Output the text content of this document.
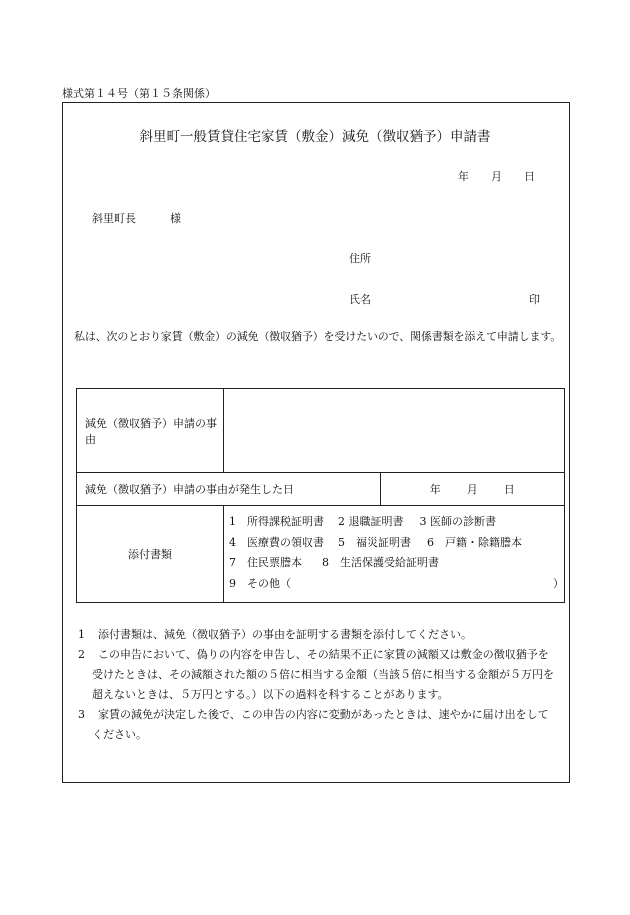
様式第１４号（第１５条関係）
斜里町一般賃貸住宅家賃（敷金）減免（徴収猶予）申請書
年 月 日
斜里町長	様
住所
氏名	印
私は、次のとおり家賃（敷金）の減免（徴収猶予）を受けたいので、関係書類を添えて申請します。
減免（徴収猶予）申請の事由		
減免（徴収猶予）申請の事由が発生した日		年 月 日
添付書類	1　所得課税証明書 2 退職証明書 3 医師の診断書
4　医療費の領収書 5　福災証明書 6　戸籍・除籍謄本
7　住民票謄本 8　生活保護受給証明書
9　その他（ ）	
1	添付書類は、減免（徴収猶予）の事由を証明する書類を添付してください。
2	この申告において、偽りの内容を申告し、その結果不正に家賃の減額又は敷金の徴収猶予を受けたときは、その減額された額の５倍に相当する金額（当該５倍に相当する金額が５万円を超えないときは、５万円とする。）以下の過料を科することがあります。
3	家賃の減免が決定した後で、この申告の内容に変動があったときは、速やかに届け出をしてください。
